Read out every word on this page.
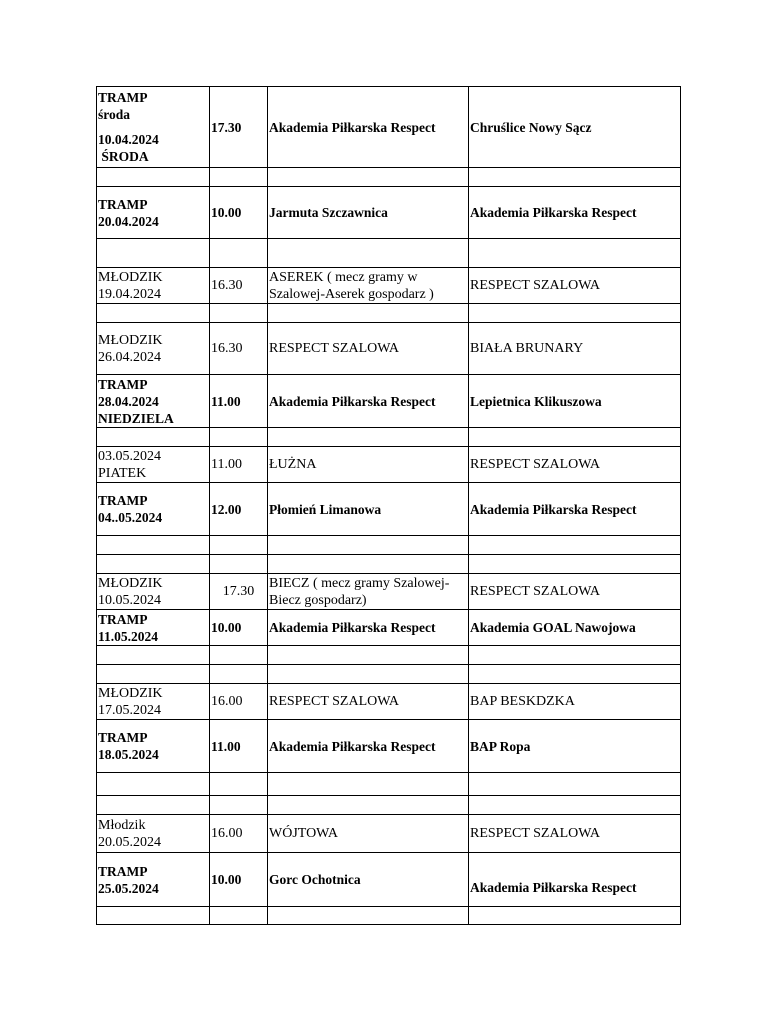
TRAMP
środa
10.04.2024
ŚRODA	17.30	Akademia Piłkarska Respect	Chruślice Nowy Sącz

TRAMP
20.04.2024	10.00	Jarmuta Szczawnica	Akademia Piłkarska Respect

MŁODZIK
19.04.2024	16.30	ASEREK ( mecz gramy w Szalowej-Aserek gospodarz )	RESPECT SZALOWA

MŁODZIK
26.04.2024	16.30	RESPECT SZALOWA	BIAŁA BRUNARY

TRAMP
28.04.2024
NIEDZIELA	11.00	Akademia Piłkarska Respect	Lepietnica Klikuszowa

03.05.2024
PIATEK	11.00	ŁUŻNA	RESPECT SZALOWA

TRAMP
04..05.2024	12.00	Płomień Limanowa	Akademia Piłkarska Respect

MŁODZIK
10.05.2024	17.30	BIECZ ( mecz gramy Szalowej- Biecz gospodarz)	RESPECT SZALOWA

TRAMP
11.05.2024	10.00	Akademia Piłkarska Respect	Akademia GOAL Nawojowa

MŁODZIK
17.05.2024	16.00	RESPECT SZALOWA	BAP BESKDZKA

TRAMP
18.05.2024	11.00	Akademia Piłkarska Respect	BAP Ropa

Młodzik
20.05.2024	16.00	WÓJTOWA	RESPECT SZALOWA

TRAMP
25.05.2024	10.00	Gorc Ochotnica	Akademia Piłkarska Respect
